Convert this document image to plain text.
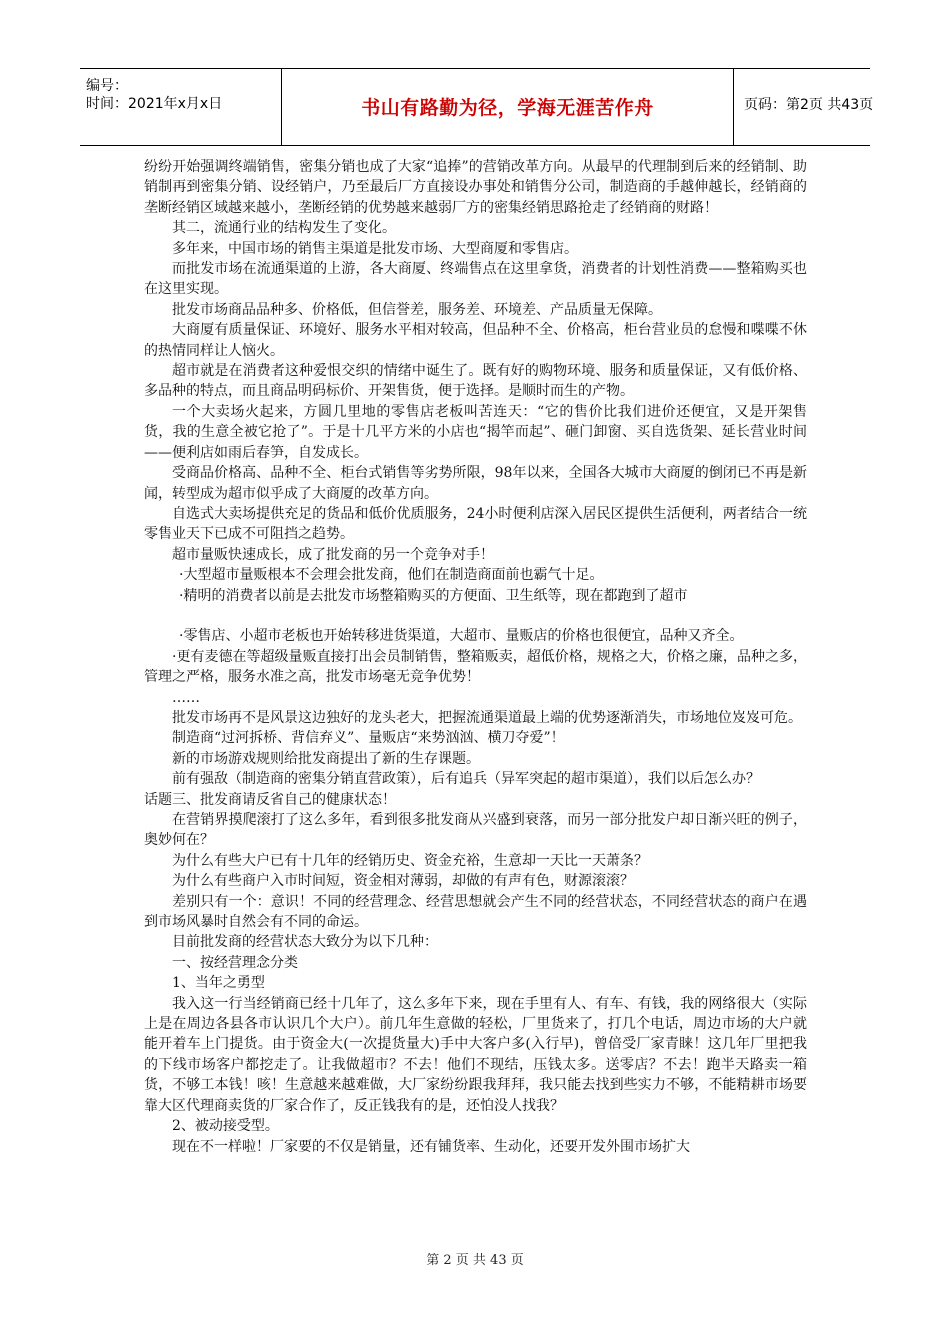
编号：
时间：2021年x月x日	书山有路勤为径，学海无涯苦作舟	页码：第2页 共43页

纷纷开始强调终端销售，密集分销也成了大家“追捧”的营销改革方向。从最早的代理制到后来的经销制、助销制再到密集分销、设经销户，乃至最后厂方直接设办事处和销售分公司，制造商的手越伸越长，经销商的垄断经销区域越来越小，垄断经销的优势越来越弱厂方的密集经销思路抢走了经销商的财路！

其二，流通行业的结构发生了变化。

多年来，中国市场的销售主渠道是批发市场、大型商厦和零售店。

而批发市场在流通渠道的上游，各大商厦、终端售点在这里拿货，消费者的计划性消费——整箱购买也在这里实现。

批发市场商品品种多、价格低，但信誉差，服务差、环境差、产品质量无保障。

大商厦有质量保证、环境好、服务水平相对较高，但品种不全、价格高，柜台营业员的怠慢和喋喋不休的热情同样让人恼火。

超市就是在消费者这种爱恨交织的情绪中诞生了。既有好的购物环境、服务和质量保证，又有低价格、多品种的特点，而且商品明码标价、开架售货，便于选择。是顺时而生的产物。

一个大卖场火起来，方圆几里地的零售店老板叫苦连天：“它的售价比我们进价还便宜，又是开架售货，我的生意全被它抢了”。于是十几平方米的小店也“揭竿而起”、砸门卸窗、买自选货架、延长营业时间——便利店如雨后春笋，自发成长。

受商品价格高、品种不全、柜台式销售等劣势所限，98年以来，全国各大城市大商厦的倒闭已不再是新闻，转型成为超市似乎成了大商厦的改革方向。

自选式大卖场提供充足的货品和低价优质服务，24小时便利店深入居民区提供生活便利，两者结合一统零售业天下已成不可阻挡之趋势。

超市量贩快速成长，成了批发商的另一个竞争对手！

·大型超市量贩根本不会理会批发商，他们在制造商面前也霸气十足。

·精明的消费者以前是去批发市场整箱购买的方便面、卫生纸等，现在都跑到了超市

·零售店、小超市老板也开始转移进货渠道，大超市、量贩店的价格也很便宜，品种又齐全。

·更有麦德在等超级量贩直接打出会员制销售，整箱贩卖，超低价格，规格之大，价格之廉，品种之多，管理之严格，服务水准之高，批发市场毫无竞争优势！

……

批发市场再不是风景这边独好的龙头老大，把握流通渠道最上端的优势逐渐消失，市场地位岌岌可危。

制造商“过河拆桥、背信弃义”、量贩店“来势汹汹、横刀夺爱”！

新的市场游戏规则给批发商提出了新的生存课题。

前有强敌（制造商的密集分销直营政策），后有追兵（异军突起的超市渠道），我们以后怎么办？

话题三、批发商请反省自己的健康状态！

在营销界摸爬滚打了这么多年，看到很多批发商从兴盛到衰落，而另一部分批发户却日渐兴旺的例子，奥妙何在？

为什么有些大户已有十几年的经销历史、资金充裕，生意却一天比一天萧条？

为什么有些商户入市时间短，资金相对薄弱，却做的有声有色，财源滚滚？

差别只有一个：意识！不同的经营理念、经营思想就会产生不同的经营状态，不同经营状态的商户在遇到市场风暴时自然会有不同的命运。

目前批发商的经营状态大致分为以下几种：

一、按经营理念分类

1、当年之勇型

我入这一行当经销商已经十几年了，这么多年下来，现在手里有人、有车、有钱，我的网络很大（实际上是在周边各县各市认识几个大户）。前几年生意做的轻松，厂里货来了，打几个电话，周边市场的大户就能开着车上门提货。由于资金大(一次提货量大)手中大客户多(入行早)，曾倍受厂家青睐！这几年厂里把我的下线市场客户都挖走了。让我做超市？不去！他们不现结，压钱太多。送零店？不去！跑半天路卖一箱货，不够工本钱！咳！生意越来越难做，大厂家纷纷跟我拜拜，我只能去找到些实力不够，不能精耕市场要靠大区代理商卖货的厂家合作了，反正钱我有的是，还怕没人找我？

2、被动接受型。

现在不一样啦！厂家要的不仅是销量，还有铺货率、生动化，还要开发外围市场扩大

第 2 页 共 43 页
